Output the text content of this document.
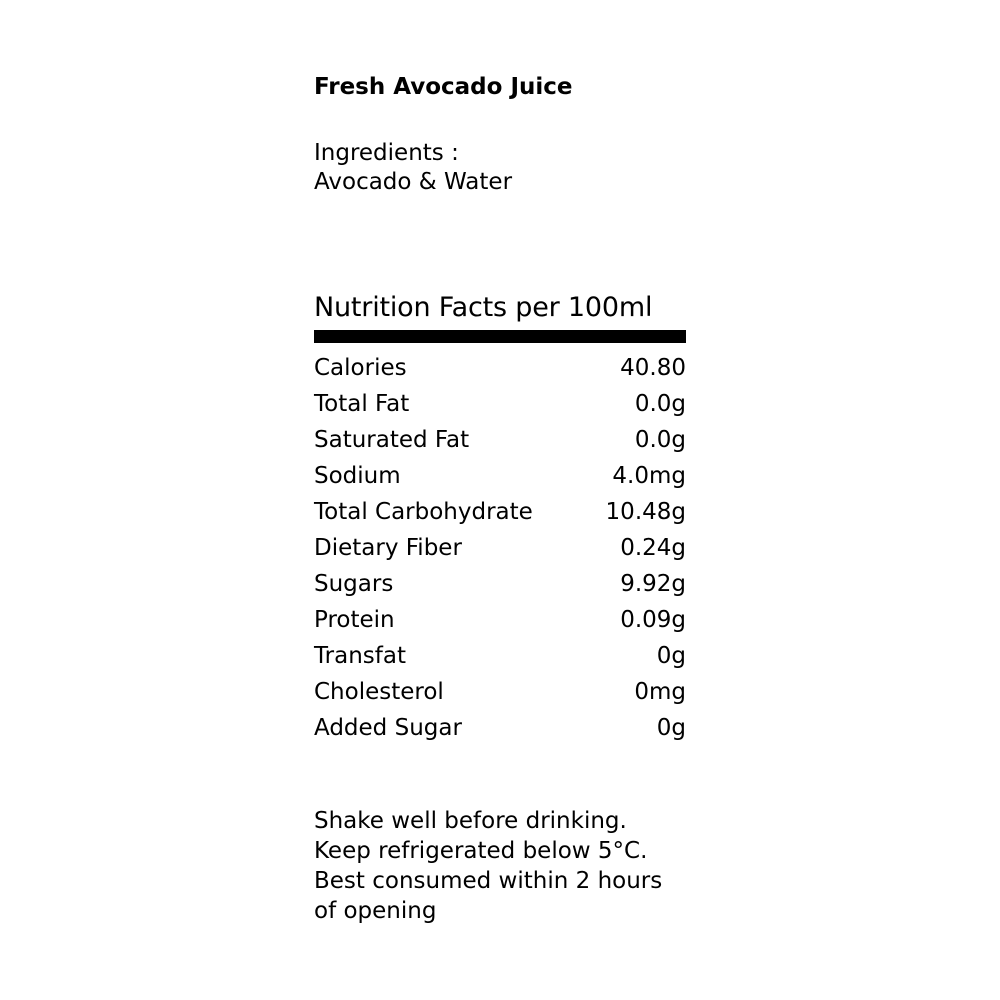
Fresh Avocado Juice
Ingredients :
Avocado & Water
Nutrition Facts per 100ml
Calories	40.80
Total Fat	0.0g
Saturated Fat	0.0g
Sodium	4.0mg
Total Carbohydrate	10.48g
Dietary Fiber	0.24g
Sugars	9.92g
Protein	0.09g
Transfat	0g
Cholesterol	0mg
Added Sugar	0g
Shake well before drinking.
Keep refrigerated below 5°C.
Best consumed within 2 hours
of opening
